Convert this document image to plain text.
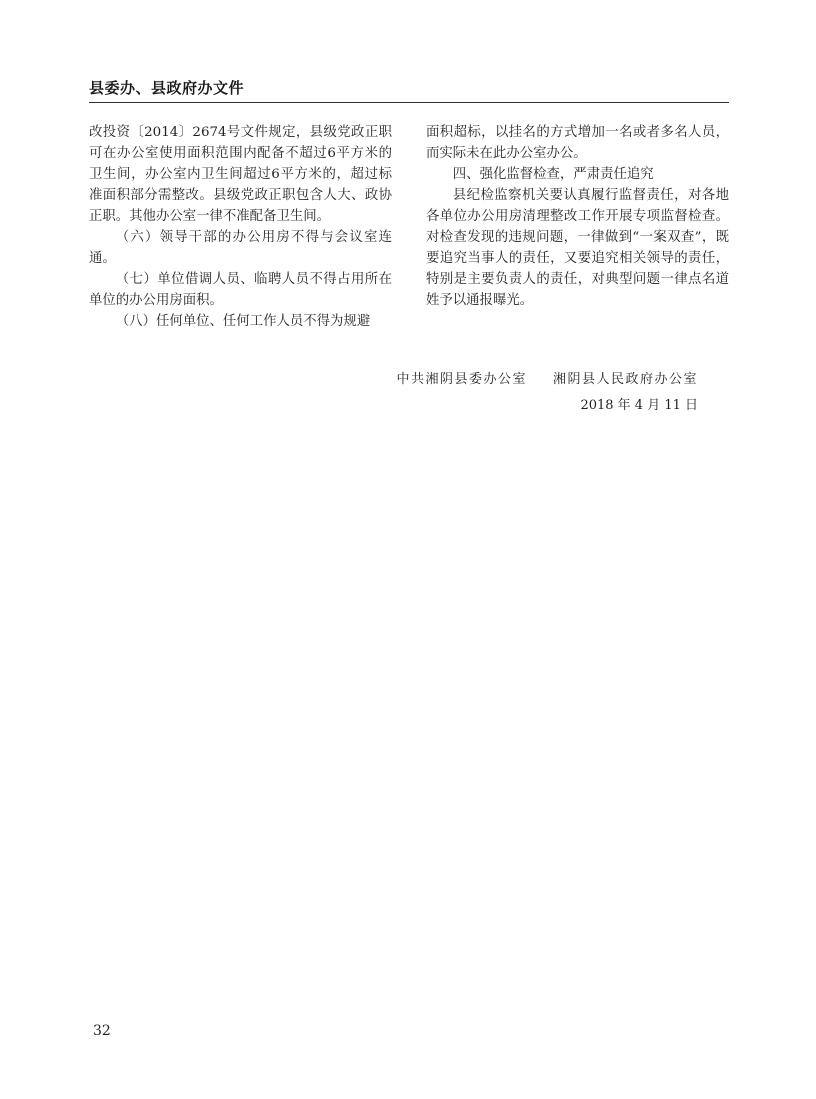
县委办、县政府办文件

改投资〔2014〕2674号文件规定，县级党政正职可在办公室使用面积范围内配备不超过6平方米的卫生间，办公室内卫生间超过6平方米的，超过标准面积部分需整改。县级党政正职包含人大、政协正职。其他办公室一律不准配备卫生间。

（六）领导干部的办公用房不得与会议室连通。

（七）单位借调人员、临聘人员不得占用所在单位的办公用房面积。

（八）任何单位、任何工作人员不得为规避

面积超标，以挂名的方式增加一名或者多名人员，而实际未在此办公室办公。

四、强化监督检查，严肃责任追究

县纪检监察机关要认真履行监督责任，对各地各单位办公用房清理整改工作开展专项监督检查。对检查发现的违规问题，一律做到“一案双查”，既要追究当事人的责任，又要追究相关领导的责任，特别是主要负责人的责任，对典型问题一律点名道姓予以通报曝光。

中共湘阴县委办公室 湘阴县人民政府办公室
2018 年 4 月 11 日
32
